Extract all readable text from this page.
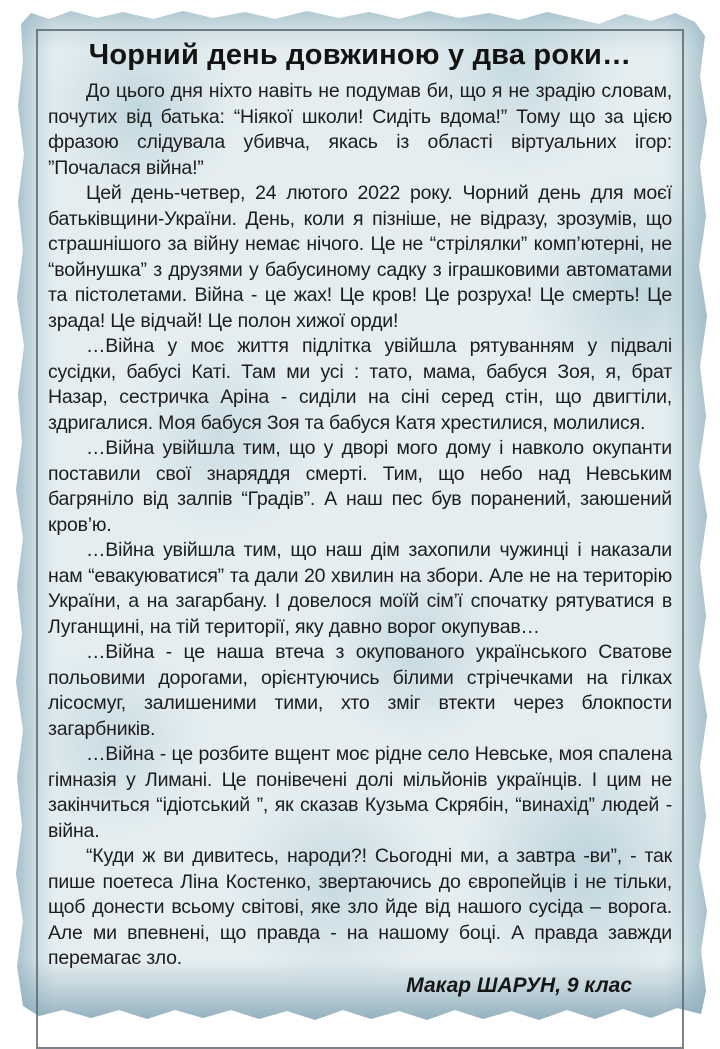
Чорний день довжиною у два роки…

До цього дня ніхто навіть не подумав би, що я не зрадію словам, почутих від батька: “Ніякої школи! Сидіть вдома!” Тому що за цією фразою слідувала убивча, якась із області віртуальних ігор: ”Почалася війна!”

Цей день-четвер, 24 лютого 2022 року. Чорний день для моєї батьківщини-України. День, коли я пізніше, не відразу, зрозумів, що страшнішого за війну немає нічого. Це не “стрілялки” комп’ютерні, не “войнушка” з друзями у бабусиному садку з іграшковими автоматами та пістолетами. Війна - це жах! Це кров! Це розруха! Це смерть! Це зрада! Це відчай! Це полон хижої орди!

…Війна у моє життя підлітка увійшла рятуванням у підвалі сусідки, бабусі Каті. Там ми усі : тато, мама, бабуся Зоя, я, брат Назар, сестричка Аріна - сиділи на сіні серед стін, що двигтіли, здригалися. Моя бабуся Зоя та бабуся Катя хрестилися, молилися.

…Війна увійшла тим, що у дворі мого дому і навколо окупанти поставили свої знаряддя смерті. Тим, що небо над Невським багряніло від залпів “Градів”. А наш пес був поранений, заюшений кров’ю.

…Війна увійшла тим, що наш дім захопили чужинці і наказали нам “евакуюватися” та дали 20 хвилин на збори. Але не на територію України, а на загарбану. І довелося моїй сім’ї спочатку рятуватися в Луганщині, на тій території, яку давно ворог окупував…

…Війна - це наша втеча з окупованого українського Сватове польовими дорогами, орієнтуючись білими стрічечками на гілках лісосмуг, залишеними тими, хто зміг втекти через блокпости загарбників.

…Війна - це розбите вщент моє рідне село Невське, моя спалена гімназія у Лимані. Це понівечені долі мільйонів українців. І цим не закінчиться “ідіотський ”, як сказав Кузьма Скрябін, “винахід” людей - війна.

“Куди ж ви дивитесь, народи?! Сьогодні ми, а завтра -ви”, - так пише поетеса Ліна Костенко, звертаючись до європейців і не тільки, щоб донести всьому світові, яке зло йде від нашого сусіда – ворога. Але ми впевнені, що правда - на нашому боці. А правда завжди перемагає зло.

Макар ШАРУН, 9 клас
